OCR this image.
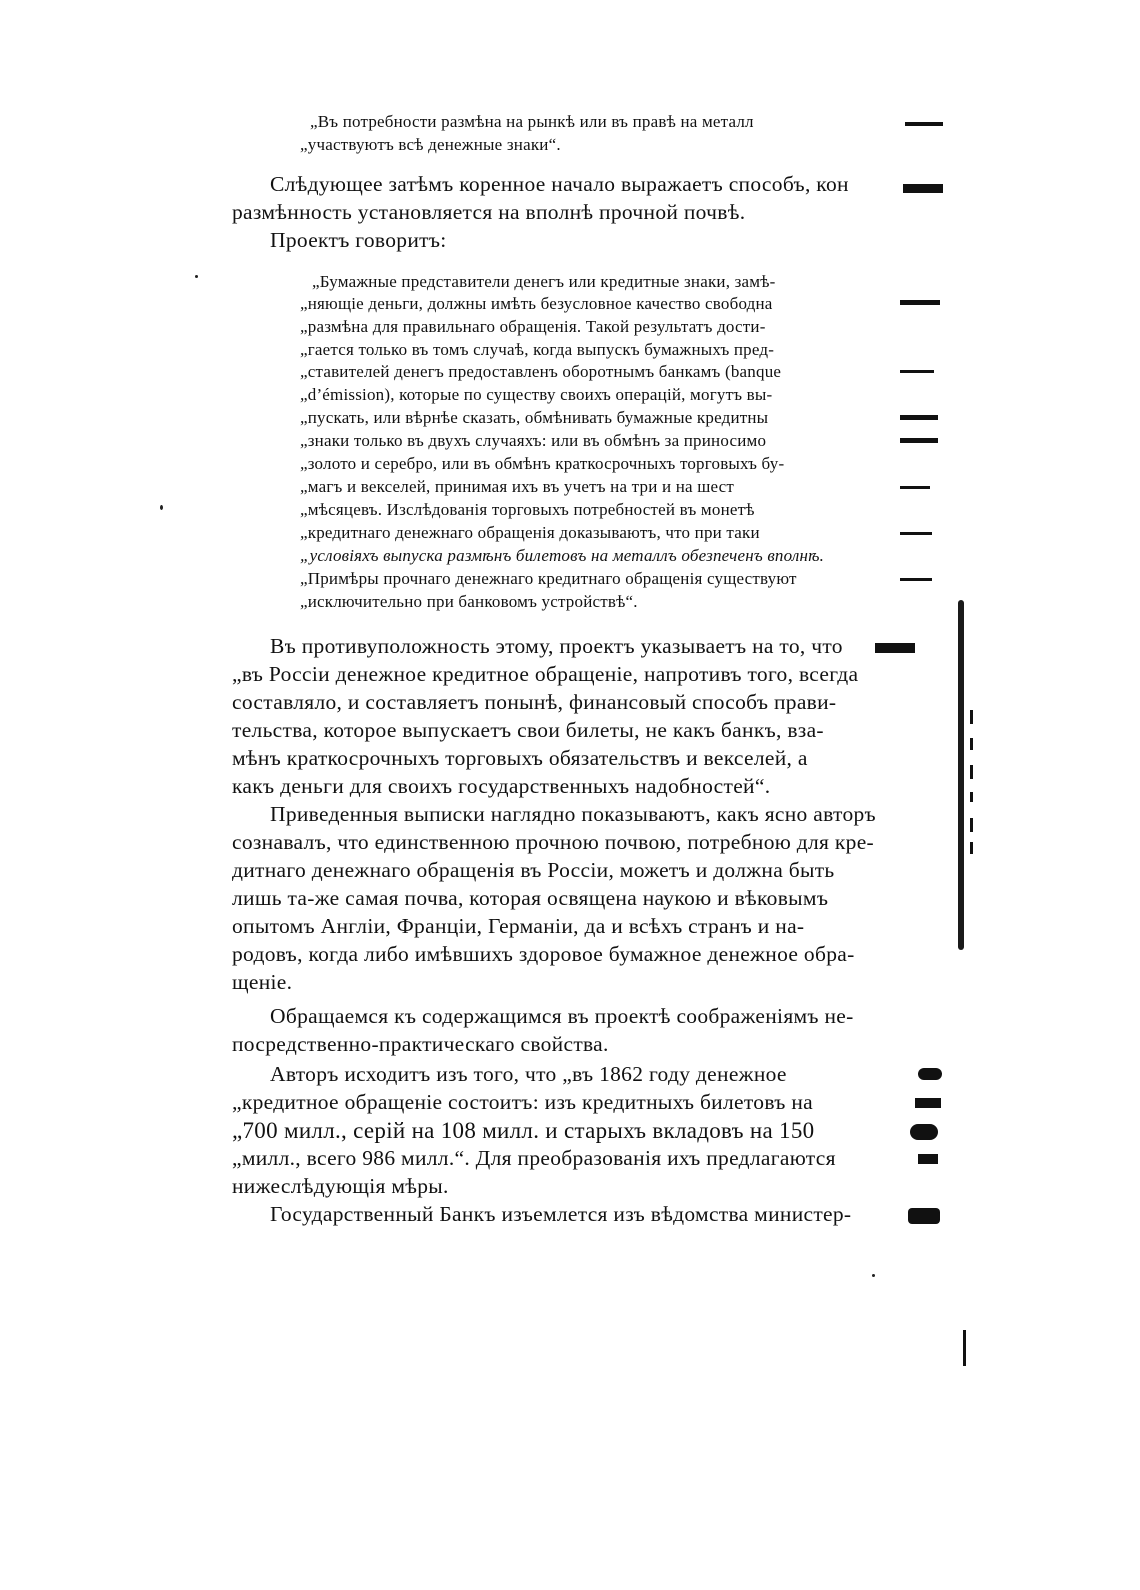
„Въ потребности размѣна на рынкѣ или въ правѣ на металл
„участвуютъ всѣ денежные знаки“.
Слѣдующее затѣмъ коренное начало выражаетъ способъ, кон
размѣнность установляется на вполнѣ прочной почвѣ.
Проектъ говоритъ:
„Бумажные представители денегъ или кредитные знаки, замѣ-
„няющіе деньги, должны имѣть безусловное качество свободна
„размѣна для правильнаго обращенія. Такой результатъ дости-
„гается только въ томъ случаѣ, когда выпускъ бумажныхъ пред-
„ставителей денегъ предоставленъ оборотнымъ банкамъ (banque
„d’émission), которые по существу своихъ операцій, могутъ вы-
„пускать, или вѣрнѣе сказать, обмѣнивать бумажные кредитны
„знаки только въ двухъ случаяхъ: или въ обмѣнъ за приносимо
„золото и серебро, или въ обмѣнъ краткосрочныхъ торговыхъ бу-
„магъ и векселей, принимая ихъ въ учетъ на три и на шест
„мѣсяцевъ. Изслѣдованія торговыхъ потребностей въ монетѣ
„кредитнаго денежнаго обращенія доказываютъ, что при таки
„условіяхъ выпуска размѣнъ билетовъ на металлъ обезпеченъ вполнѣ.
„Примѣры прочнаго денежнаго кредитнаго обращенія существуют
„исключительно при банковомъ устройствѣ“.
Въ противуположность этому, проектъ указываетъ на то, что
„въ Россіи денежное кредитное обращеніе, напротивъ того, всегда
составляло, и составляетъ понынѣ, финансовый способъ прави-
тельства, которое выпускаетъ свои билеты, не какъ банкъ, вза-
мѣнъ краткосрочныхъ торговыхъ обязательствъ и векселей, а
какъ деньги для своихъ государственныхъ надобностей“.
Приведенныя выписки наглядно показываютъ, какъ ясно авторъ
сознавалъ, что единственною прочною почвою, потребною для кре-
дитнаго денежнаго обращенія въ Россіи, можетъ и должна быть
лишь та-же самая почва, которая освящена наукою и вѣковымъ
опытомъ Англіи, Франціи, Германіи, да и всѣхъ странъ и на-
родовъ, когда либо имѣвшихъ здоровое бумажное денежное обра-
щеніе.
Обращаемся къ содержащимся въ проектѣ соображеніямъ не-
посредственно-практическаго свойства.
Авторъ исходитъ изъ того, что „въ 1862 году денежное
„кредитное обращеніе состоитъ: изъ кредитныхъ билетовъ на
„700 милл., серій на 108 милл. и старыхъ вкладовъ на 150
„милл., всего 986 милл.“. Для преобразованія ихъ предлагаются
нижеслѣдующія мѣры.
Государственный Банкъ изъемлется изъ вѣдомства министер-
